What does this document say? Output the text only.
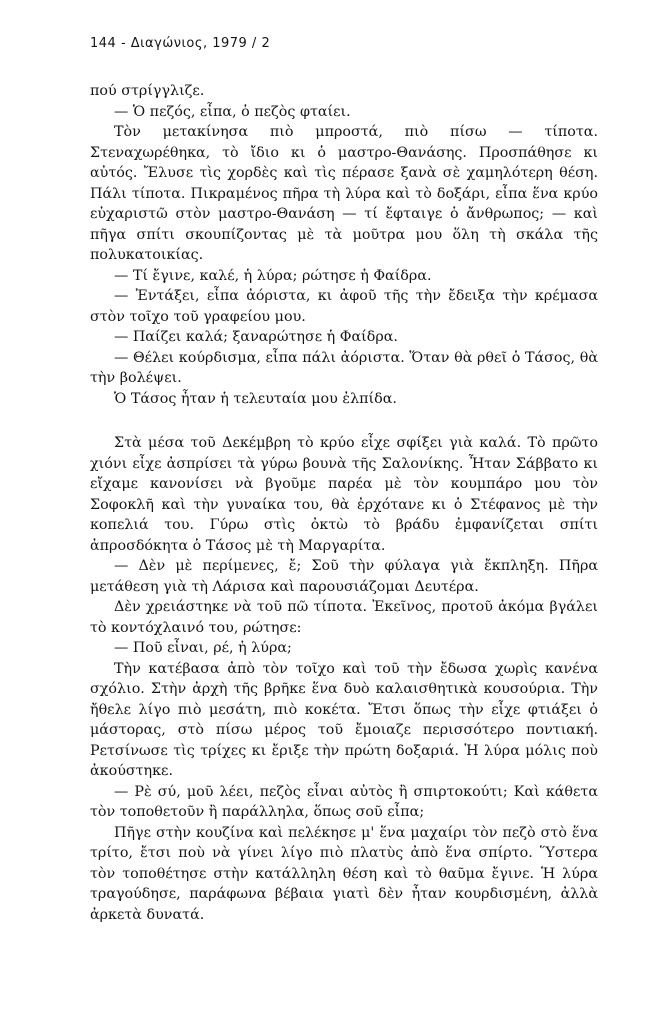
144 - Διαγώνιος, 1979 / 2

πού στρίγγλιζε.

— Ὁ πεζός, εἶπα, ὁ πεζὸς φταίει.

Τὸν μετακίνησα πιὸ μπροστά, πιὸ πίσω — τίποτα. Στεναχωρέθηκα, τὸ ἴδιο κι ὁ μαστρο-Θανάσης. Προσπάθησε κι αὐτός. Ἔλυσε τὶς χορδὲς καὶ τὶς πέρασε ξανὰ σὲ χαμηλότερη θέση. Πάλι τίποτα. Πικραμένος πῆρα τὴ λύρα καὶ τὸ δοξάρι, εἶπα ἕνα κρύο εὐχαριστῶ στὸν μαστρο-Θανάση — τί ἔφταιγε ὁ ἄνθρωπος; — καὶ πῆγα σπίτι σκουπίζοντας μὲ τὰ μοῦτρα μου ὅλη τὴ σκάλα τῆς πολυκατοικίας.

— Τί ἔγινε, καλέ, ἡ λύρα; ρώτησε ἡ Φαίδρα.

— Ἐντάξει, εἶπα ἀόριστα, κι ἀφοῦ τῆς τὴν ἔδειξα τὴν κρέμασα στὸν τοῖχο τοῦ γραφείου μου.

— Παίζει καλά; ξαναρώτησε ἡ Φαίδρα.

— Θέλει κούρδισμα, εἶπα πάλι ἀόριστα. Ὅταν θὰ ρθεῖ ὁ Τάσος, θὰ τὴν βολέψει.

Ὁ Τάσος ἦταν ἡ τελευταία μου ἐλπίδα.

Στὰ μέσα τοῦ Δεκέμβρη τὸ κρύο εἶχε σφίξει γιὰ καλά. Τὸ πρῶτο χιόνι εἶχε ἀσπρίσει τὰ γύρω βουνὰ τῆς Σαλονίκης. Ἦταν Σάββατο κι εἴχαμε κανονίσει νὰ βγοῦμε παρέα μὲ τὸν κουμπάρο μου τὸν Σοφοκλῆ καὶ τὴν γυναίκα του, θὰ ἐρχότανε κι ὁ Στέφανος μὲ τὴν κοπελιά του. Γύρω στὶς ὀκτὼ τὸ βράδυ ἐμφανίζεται σπίτι ἀπροσδόκητα ὁ Τάσος μὲ τὴ Μαργαρίτα.

— Δὲν μὲ περίμενες, ἔ; Σοῦ τὴν φύλαγα γιὰ ἔκπληξη. Πῆρα μετάθεση γιὰ τὴ Λάρισα καὶ παρουσιάζομαι Δευτέρα.

Δὲν χρειάστηκε νὰ τοῦ πῶ τίποτα. Ἐκεῖνος, προτοῦ ἀκόμα βγάλει τὸ κοντόχλαινό του, ρώτησε:

— Ποῦ εἶναι, ρέ, ἡ λύρα;

Τὴν κατέβασα ἀπὸ τὸν τοῖχο καὶ τοῦ τὴν ἔδωσα χωρὶς κανένα σχόλιο. Στὴν ἀρχὴ τῆς βρῆκε ἕνα δυὸ καλαισθητικὰ κουσούρια. Τὴν ἤθελε λίγο πιὸ μεσάτη, πιὸ κοκέτα. Ἔτσι ὅπως τὴν εἶχε φτιάξει ὁ μάστορας, στὸ πίσω μέρος τοῦ ἔμοιαζε περισσότερο ποντιακή. Ρετσίνωσε τὶς τρίχες κι ἔριξε τὴν πρώτη δοξαριά. Ἡ λύρα μόλις ποὺ ἀκούστηκε.

— Ρὲ σύ, μοῦ λέει, πεζὸς εἶναι αὐτὸς ἢ σπιρτοκούτι; Καὶ κάθετα τὸν τοποθετοῦν ἢ παράλληλα, ὅπως σοῦ εἶπα;

Πῆγε στὴν κουζίνα καὶ πελέκησε μ' ἕνα μαχαίρι τὸν πεζὸ στὸ ἕνα τρίτο, ἔτσι ποὺ νὰ γίνει λίγο πιὸ πλατὺς ἀπὸ ἕνα σπίρτο. Ὕστερα τὸν τοποθέτησε στὴν κατάλληλη θέση καὶ τὸ θαῦμα ἔγινε. Ἡ λύρα τραγούδησε, παράφωνα βέβαια γιατὶ δὲν ἦταν κουρδισμένη, ἀλλὰ ἀρκετὰ δυνατά.
